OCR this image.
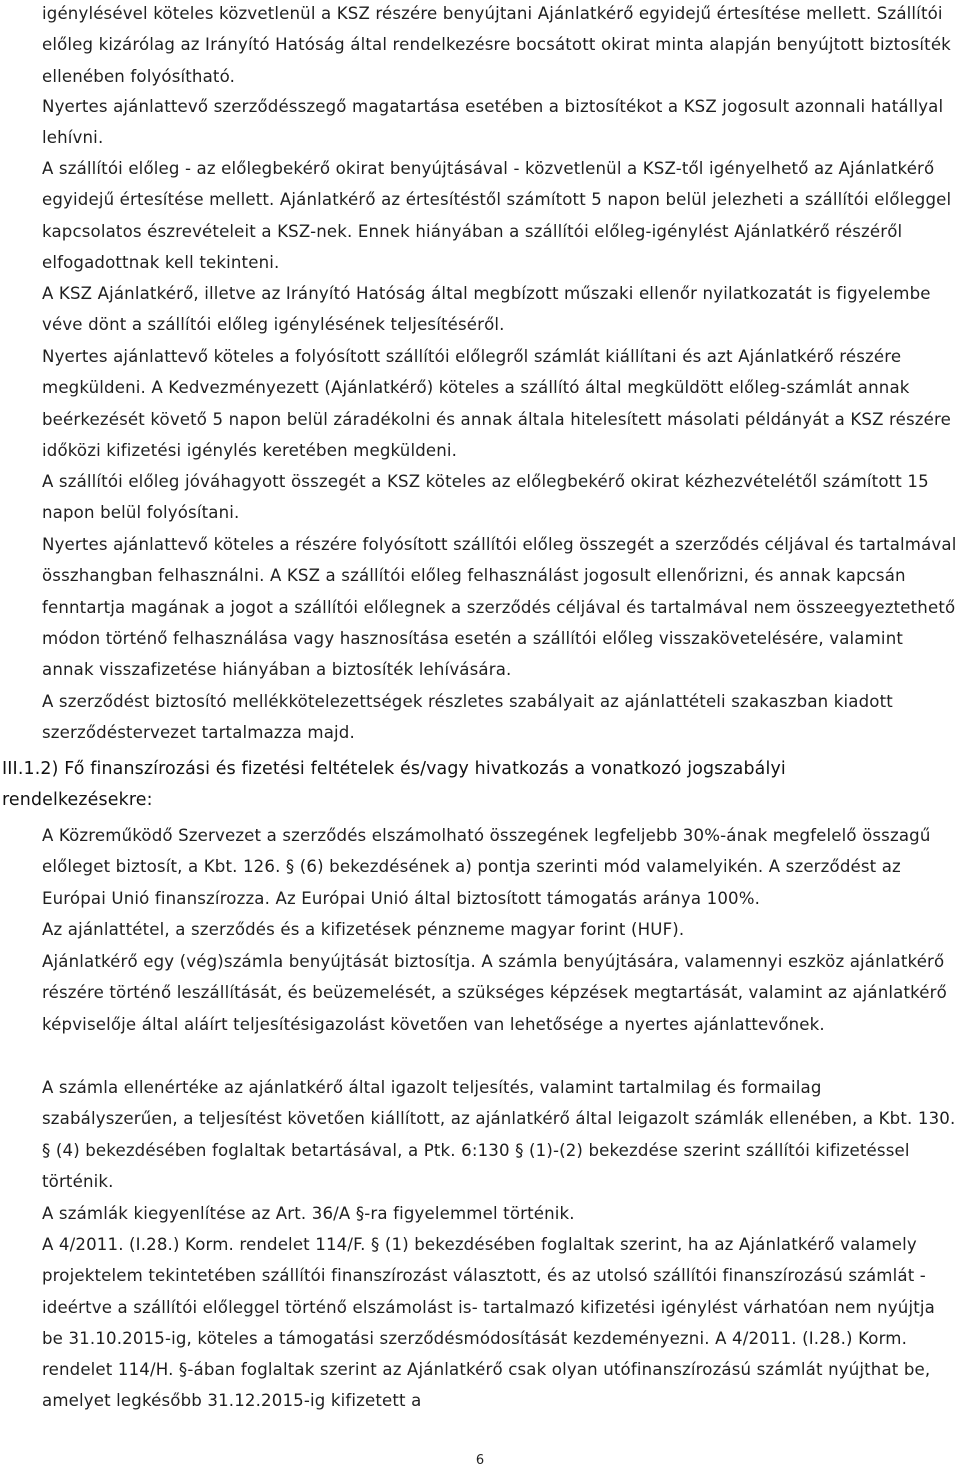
igénylésével köteles közvetlenül a KSZ részére benyújtani Ajánlatkérő egyidejű értesítése mellett. Szállítói előleg kizárólag az Irányító Hatóság által rendelkezésre bocsátott okirat minta alapján benyújtott biztosíték ellenében folyósítható.

Nyertes ajánlattevő szerződésszegő magatartása esetében a biztosítékot a KSZ jogosult azonnali hatállyal lehívni.

A szállítói előleg - az előlegbekérő okirat benyújtásával - közvetlenül a KSZ-től igényelhető az Ajánlatkérő egyidejű értesítése mellett. Ajánlatkérő az értesítéstől számított 5 napon belül jelezheti a szállítói előleggel kapcsolatos észrevételeit a KSZ-nek. Ennek hiányában a szállítói előleg-igénylést Ajánlatkérő részéről elfogadottnak kell tekinteni.

A KSZ Ajánlatkérő, illetve az Irányító Hatóság által megbízott műszaki ellenőr nyilatkozatát is figyelembe véve dönt a szállítói előleg igénylésének teljesítéséről.

Nyertes ajánlattevő köteles a folyósított szállítói előlegről számlát kiállítani és azt Ajánlatkérő részére megküldeni. A Kedvezményezett (Ajánlatkérő) köteles a szállító által megküldött előleg-számlát annak beérkezését követő 5 napon belül záradékolni és annak általa hitelesített másolati példányát a KSZ részére időközi kifizetési igénylés keretében megküldeni.

A szállítói előleg jóváhagyott összegét a KSZ köteles az előlegbekérő okirat kézhezvételétől számított 15 napon belül folyósítani.

Nyertes ajánlattevő köteles a részére folyósított szállítói előleg összegét a szerződés céljával és tartalmával összhangban felhasználni. A KSZ a szállítói előleg felhasználást jogosult ellenőrizni, és annak kapcsán fenntartja magának a jogot a szállítói előlegnek a szerződés céljával és tartalmával nem összeegyeztethető módon történő felhasználása vagy hasznosítása esetén a szállítói előleg visszakövetelésére, valamint annak visszafizetése hiányában a biztosíték lehívására.

A szerződést biztosító mellékkötelezettségek részletes szabályait az ajánlattételi szakaszban kiadott szerződéstervezet tartalmazza majd.

III.1.2) Fő finanszírozási és fizetési feltételek és/vagy hivatkozás a vonatkozó jogszabályi rendelkezésekre:

A Közreműködő Szervezet a szerződés elszámolható összegének legfeljebb 30%-ának megfelelő összagű előleget biztosít, a Kbt. 126. § (6) bekezdésének a) pontja szerinti mód valamelyikén. A szerződést az Európai Unió finanszírozza. Az Európai Unió által biztosított támogatás aránya 100%.

Az ajánlattétel, a szerződés és a kifizetések pénzneme magyar forint (HUF).

Ajánlatkérő egy (vég)számla benyújtását biztosítja. A számla benyújtására, valamennyi eszköz ajánlatkérő részére történő leszállítását, és beüzemelését, a szükséges képzések megtartását, valamint az ajánlatkérő képviselője által aláírt teljesítésigazolást követően van lehetősége a nyertes ajánlattevőnek.

A számla ellenértéke az ajánlatkérő által igazolt teljesítés, valamint tartalmilag és formailag szabályszerűen, a teljesítést követően kiállított, az ajánlatkérő által leigazolt számlák ellenében, a Kbt. 130. § (4) bekezdésében foglaltak betartásával, a Ptk. 6:130 § (1)-(2) bekezdése szerint szállítói kifizetéssel történik.

A számlák kiegyenlítése az Art. 36/A §-ra figyelemmel történik.

A 4/2011. (I.28.) Korm. rendelet 114/F. § (1) bekezdésében foglaltak szerint, ha az Ajánlatkérő valamely projektelem tekintetében szállítói finanszírozást választott, és az utolsó szállítói finanszírozású számlát - ideértve a szállítói előleggel történő elszámolást is- tartalmazó kifizetési igénylést várhatóan nem nyújtja be 31.10.2015-ig, köteles a támogatási szerződésmódosítását kezdeményezni. A 4/2011. (I.28.) Korm. rendelet 114/H. §-ában foglaltak szerint az Ajánlatkérő csak olyan utófinanszírozású számlát nyújthat be, amelyet legkésőbb 31.12.2015-ig kifizetett a

6
